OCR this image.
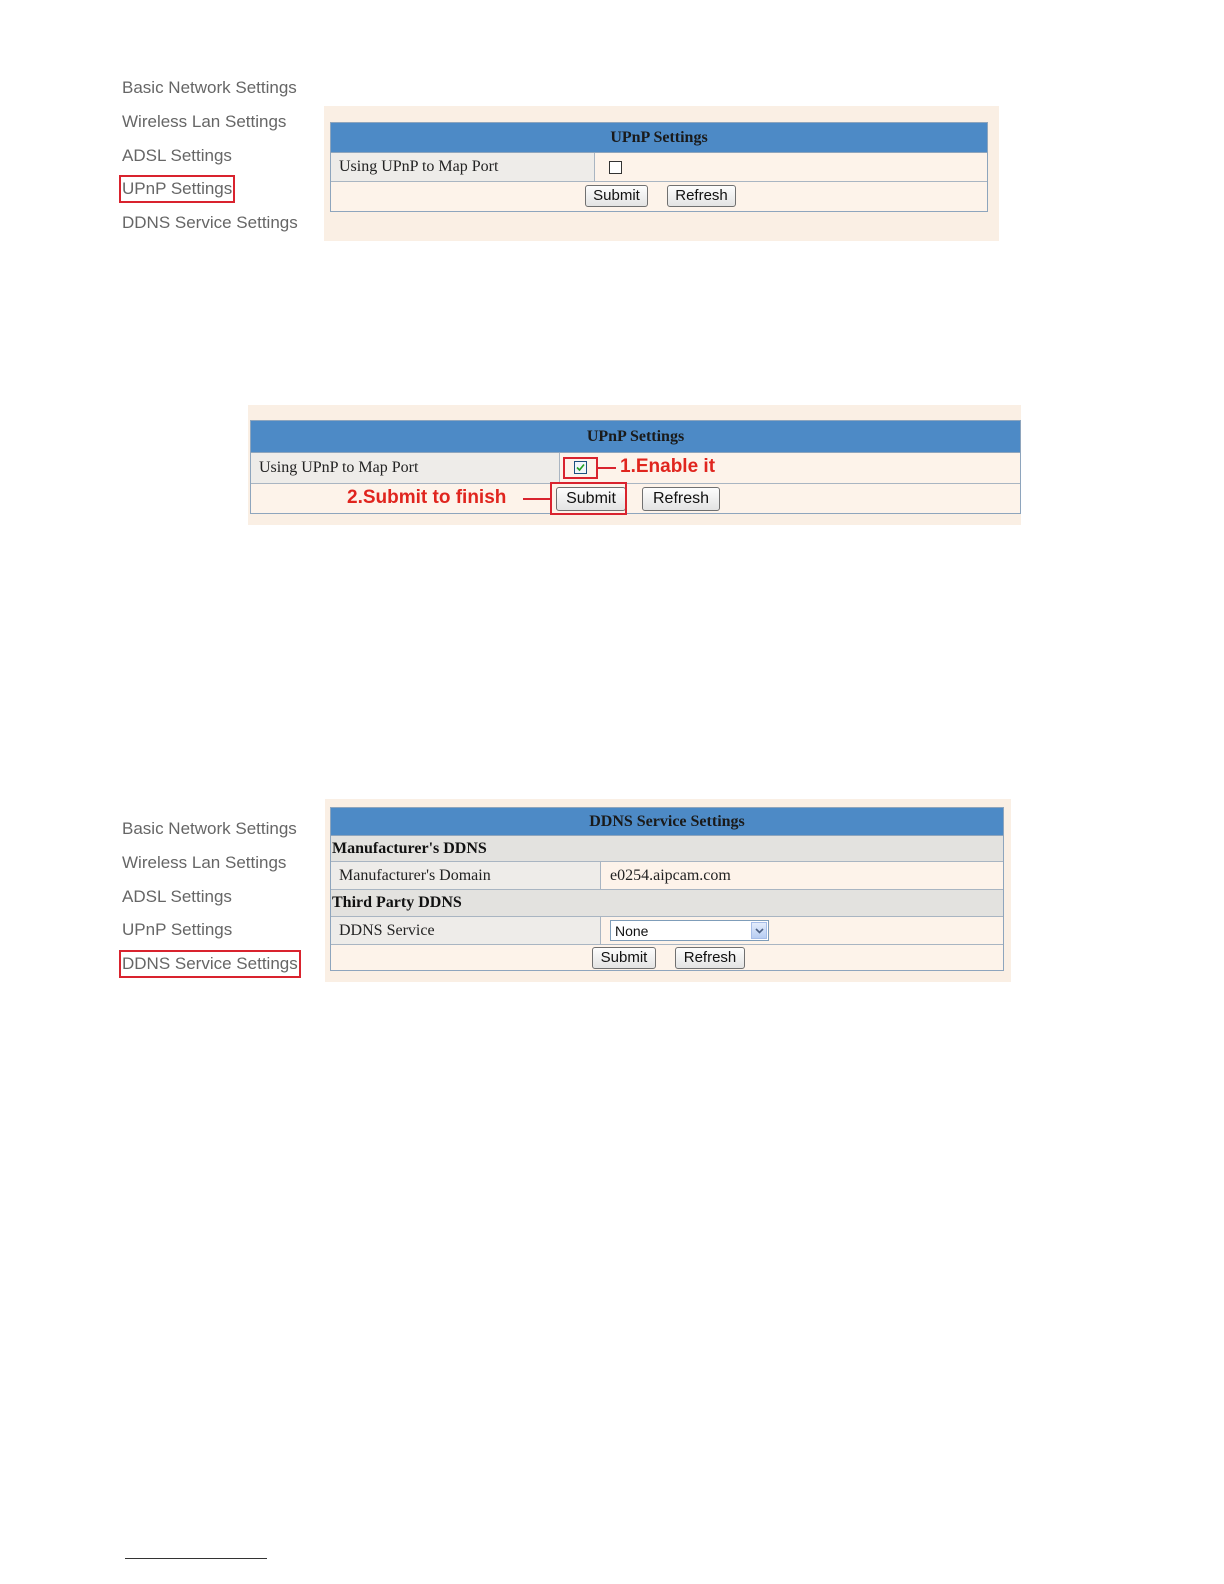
Basic Network Settings
Wireless Lan Settings
ADSL Settings
UPnP Settings
DDNS Service Settings
UPnP Settings
Using UPnP to Map Port
Submit	Refresh
UPnP Settings
Using UPnP to Map Port
Submit	Refresh
1.Enable it
2.Submit to finish
Basic Network Settings
Wireless Lan Settings
ADSL Settings
UPnP Settings
DDNS Service Settings
DDNS Service Settings
Manufacturer's DDNS
Manufacturer's Domain	e0254.aipcam.com
Third Party DDNS
DDNS Service	None
Submit	Refresh
